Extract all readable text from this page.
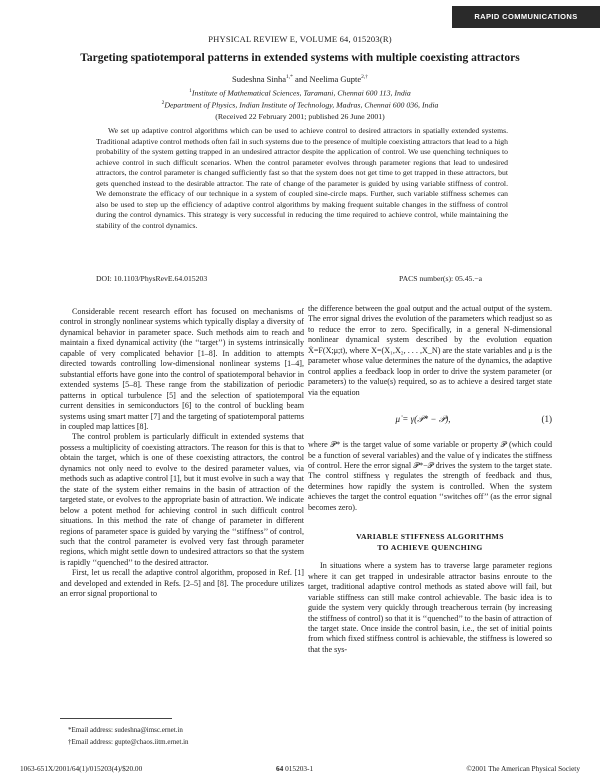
RAPID COMMUNICATIONS
PHYSICAL REVIEW E, VOLUME 64, 015203(R)
Targeting spatiotemporal patterns in extended systems with multiple coexisting attractors
Sudeshna Sinha$^{1,*}$ and Neelima Gupte$^{2,\dagger}$
$^1$Institute of Mathematical Sciences, Taramani, Chennai 600 113, India
$^2$Department of Physics, Indian Institute of Technology, Madras, Chennai 600 036, India
(Received 22 February 2001; published 26 June 2001)

We set up adaptive control algorithms which can be used to achieve control to desired attractors in spatially extended systems. Traditional adaptive control methods often fail in such systems due to the presence of multiple coexisting attractors that lead to a high probability of the system getting trapped in an undesired attractor despite the application of control. We use quenching techniques to achieve control in such difficult scenarios. When the control parameter evolves through parameter regions that lead to undesired attractors, the control parameter is changed sufficiently fast so that the system does not get time to get trapped in these attractors, but gets quenched instead to the desirable attractor. The rate of change of the parameter is guided by using variable stiffness of control. We demonstrate the efficacy of our technique in a system of coupled sine-circle maps. Further, such variable stiffness schemes can also be used to step up the efficiency of adaptive control algorithms by making frequent suitable changes in the stiffness of control during the control dynamics. This strategy is very successful in reducing the time required to achieve control, while maintaining the stability of the control dynamics.

DOI: 10.1103/PhysRevE.64.015203	PACS number(s): 05.45.−a

Considerable recent research effort has focused on mechanisms of control in strongly nonlinear systems which typically display a diversity of dynamical behavior in parameter space. Such methods aim to reach and maintain a fixed dynamical activity (the ‘‘target’’) in systems intrinsically capable of very complicated behavior [1–8]. In addition to attempts directed towards controlling low-dimensional nonlinear systems [1–4], substantial efforts have gone into the control of spatiotemporal behavior in extended systems [5–8]. These range from the stabilization of periodic patterns in optical turbulence [5] and the selection of spatiotemporal current densities in semiconductors [6] to the control of buckling beam systems using smart matter [7] and the targeting of spatiotemporal patterns in coupled map lattices [8].

The control problem is particularly difficult in extended systems that possess a multiplicity of coexisting attractors. The reason for this is that to obtain the target, which is one of these coexisting attractors, the control dynamics not only need to evolve to the desired parameter values, via methods such as adaptive control [1], but it must evolve in such a way that the state of the system either remains in the basin of attraction of the targeted state, or evolves to the appropriate basin of attraction. We indicate below a potent method for achieving control in such difficult control situations. In this method the rate of change of parameter in different regions of parameter space is guided by varying the ‘‘stiffness’’ of control, such that the control parameter is evolved very fast through parameter regions, which might settle down to undesired attractors so that the system is rapidly ‘‘quenched’’ to the desired attractor.

First, let us recall the adaptive control algorithm, proposed in Ref. [1] and developed and extended in Refs. [2–5] and [8]. The procedure utilizes an error signal proportional to

the difference between the goal output and the actual output of the system. The error signal drives the evolution of the parameters which readjust so as to reduce the error to zero. Specifically, in a general N-dimensional nonlinear dynamical system described by the evolution equation Ẋ=F(X;μ;t), where X=(X₁,X₂, . . . ,X_N) are the state variables and μ is the parameter whose value determines the nature of the dynamics, the adaptive control applies a feedback loop in order to drive the system parameter (or parameters) to the value(s) required, so as to achieve a desired target state via the equation

μ̇ = γ(𝒫* − 𝒫),	(1)

where 𝒫* is the target value of some variable or property 𝒫 (which could be a function of several variables) and the value of γ indicates the stiffness of control. Here the error signal 𝒫*−𝒫 drives the system to the target state. The control stiffness γ regulates the strength of feedback and thus, determines how rapidly the system is controlled. When the system achieves the target the control equation ‘‘switches off’’ (as the error signal becomes zero).

VARIABLE STIFFNESS ALGORITHMS
TO ACHIEVE QUENCHING

In situations where a system has to traverse large parameter regions where it can get trapped in undesirable attractor basins enroute to the target, traditional adaptive control methods as stated above will fail, but variable stiffness can still make control achievable. The basic idea is to guide the system very quickly through treacherous terrain (by increasing the stiffness of control) so that it is ‘‘quenched’’ to the basin of attraction of the target state. Once inside the control basin, i.e., the set of initial points from which fixed stiffness control is achievable, the stiffness is lowered so that the sys-

*Email address: sudeshna@imsc.ernet.in
†Email address: gupte@chaos.iitm.ernet.in
1063-651X/2001/64(1)/015203(4)/$20.00	64 015203-1	©2001 The American Physical Society
